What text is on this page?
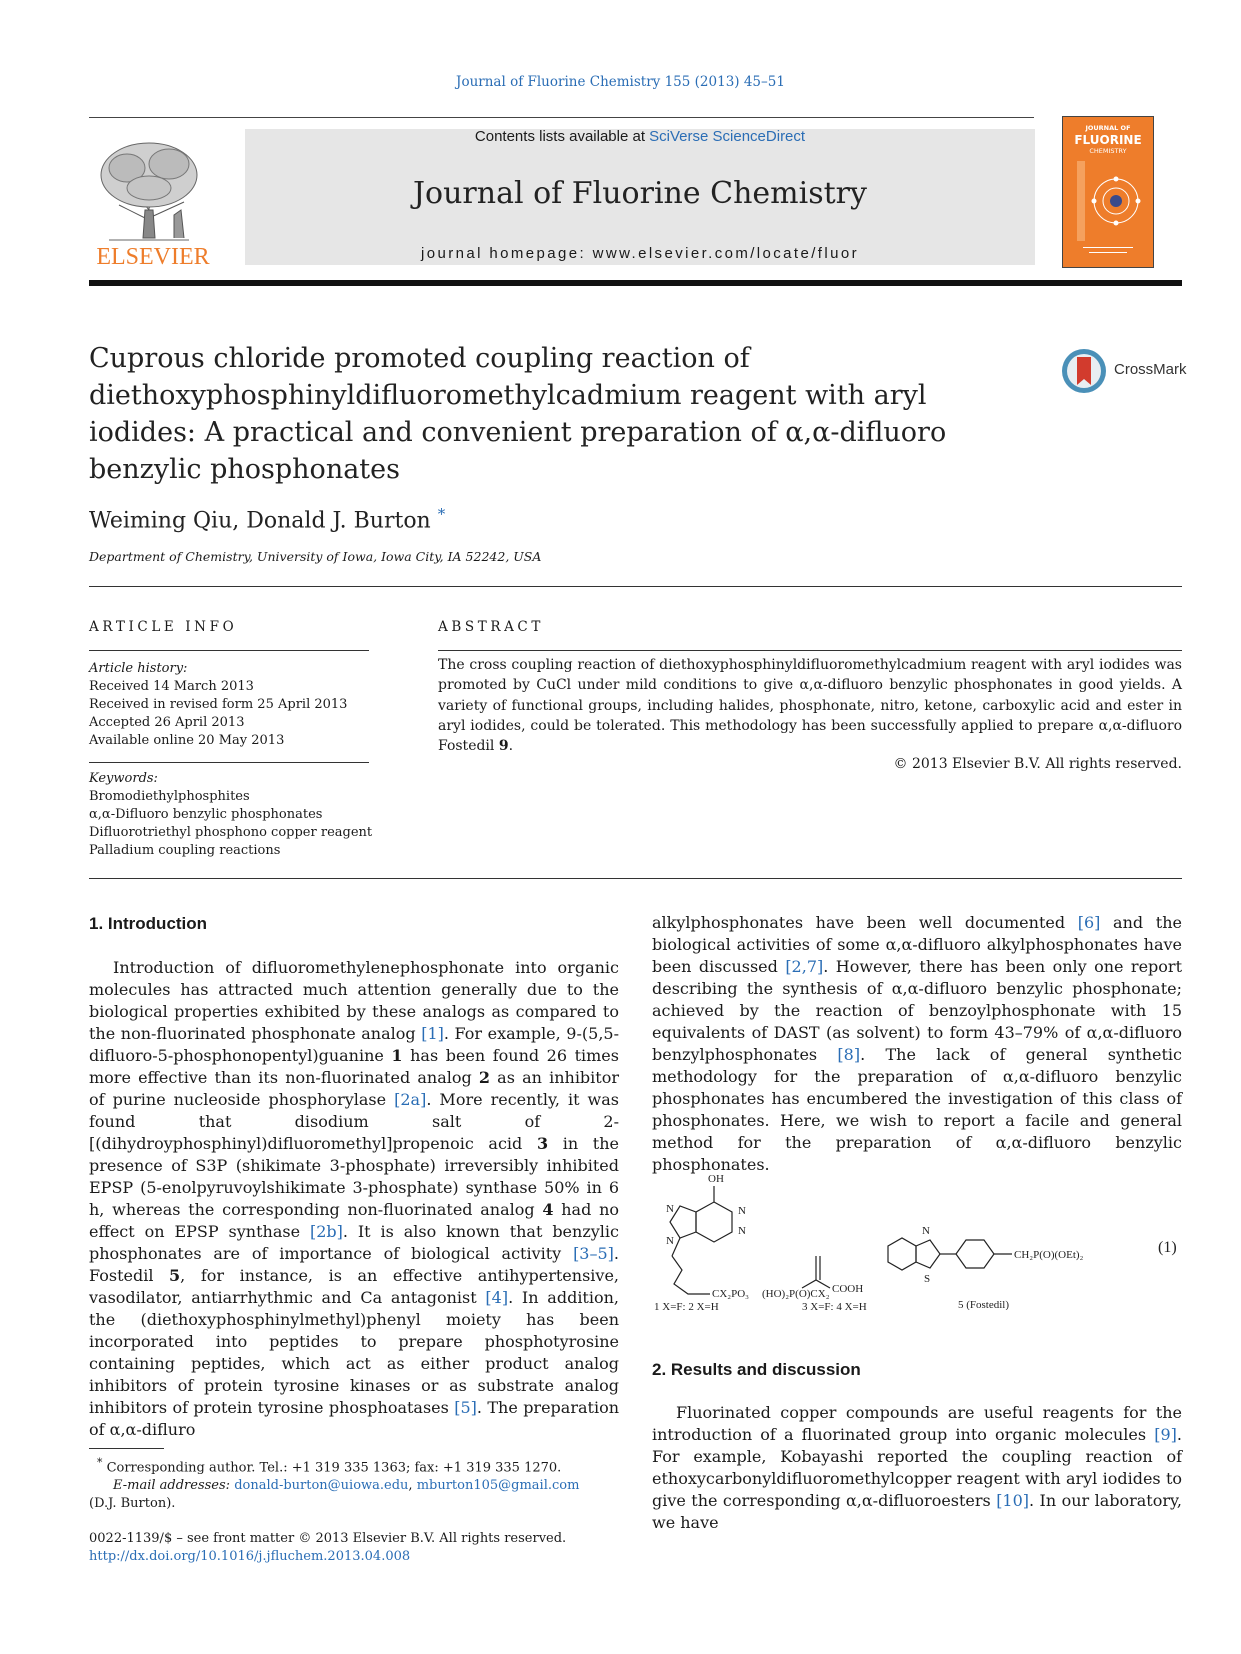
Journal of Fluorine Chemistry 155 (2013) 45–51
ELSEVIER
Contents lists available at SciVerse ScienceDirect
Journal of Fluorine Chemistry
journal homepage: www.elsevier.com/locate/fluor
JOURNAL OF
FLUORINE
CHEMISTRY
Cuprous chloride promoted coupling reaction of diethoxyphosphinyldifluoromethylcadmium reagent with aryl iodides: A practical and convenient preparation of α,α-difluoro benzylic phosphonates
CrossMark
Weiming Qiu, Donald J. Burton *
Department of Chemistry, University of Iowa, Iowa City, IA 52242, USA
ARTICLE INFO
Article history:
Received 14 March 2013
Received in revised form 25 April 2013
Accepted 26 April 2013
Available online 20 May 2013
Keywords:
Bromodiethylphosphites
α,α-Difluoro benzylic phosphonates
Difluorotriethyl phosphono copper reagent
Palladium coupling reactions
ABSTRACT
The cross coupling reaction of diethoxyphosphinyldifluoromethylcadmium reagent with aryl iodides was promoted by CuCl under mild conditions to give α,α-difluoro benzylic phosphonates in good yields. A variety of functional groups, including halides, phosphonate, nitro, ketone, carboxylic acid and ester in aryl iodides, could be tolerated. This methodology has been successfully applied to prepare α,α-difluoro Fostedil 9.
© 2013 Elsevier B.V. All rights reserved.
1. Introduction

Introduction of difluoromethylenephosphonate into organic molecules has attracted much attention generally due to the biological properties exhibited by these analogs as compared to the non-fluorinated phosphonate analog [1]. For example, 9-(5,5-difluoro-5-phosphonopentyl)guanine 1 has been found 26 times more effective than its non-fluorinated analog 2 as an inhibitor of purine nucleoside phosphorylase [2a]. More recently, it was found that disodium salt of 2-[(dihydroyphosphinyl)difluoromethyl]propenoic acid 3 in the presence of S3P (shikimate 3-phosphate) irreversibly inhibited EPSP (5-enolpyruvoylshikimate 3-phosphate) synthase 50% in 6 h, whereas the corresponding non-fluorinated analog 4 had no effect on EPSP synthase [2b]. It is also known that benzylic phosphonates are of importance of biological activity [3–5]. Fostedil 5, for instance, is an effective antihypertensive, vasodilator, antiarrhythmic and Ca antagonist [4]. In addition, the (diethoxyphosphinylmethyl)phenyl moiety has been incorporated into peptides to prepare phosphotyrosine containing peptides, which act as either product analog inhibitors of protein tyrosine kinases or as substrate analog inhibitors of protein tyrosine phosphoatases [5]. The preparation of α,α-difluro

* Corresponding author. Tel.: +1 319 335 1363; fax: +1 319 335 1270.
E-mail addresses: donald-burton@uiowa.edu, mburton105@gmail.com
(D.J. Burton).
0022-1139/$ – see front matter © 2013 Elsevier B.V. All rights reserved.
http://dx.doi.org/10.1016/j.jfluchem.2013.04.008

alkylphosphonates have been well documented [6] and the biological activities of some α,α-difluoro alkylphosphonates have been discussed [2,7]. However, there has been only one report describing the synthesis of α,α-difluoro benzylic phosphonate; achieved by the reaction of benzoylphosphonate with 15 equivalents of DAST (as solvent) to form 43–79% of α,α-difluoro benzylphosphonates [8]. The lack of general synthetic methodology for the preparation of α,α-difluoro benzylic phosphonates has encumbered the investigation of this class of phosphonates. Here, we wish to report a facile and general method for the preparation of α,α-difluoro benzylic phosphonates.

OH
N
N
N
N
CX₂PO₃ (HO)₂P(O)CX₂ COOH
N
S
CH₂P(O)(OEt)₂
1 X=F; 2 X=H	3 X=F; 4 X=H	5 (Fostedil)
(1)
2. Results and discussion

Fluorinated copper compounds are useful reagents for the introduction of a fluorinated group into organic molecules [9]. For example, Kobayashi reported the coupling reaction of ethoxycarbonyldifluoromethylcopper reagent with aryl iodides to give the corresponding α,α-difluoroesters [10]. In our laboratory, we have
